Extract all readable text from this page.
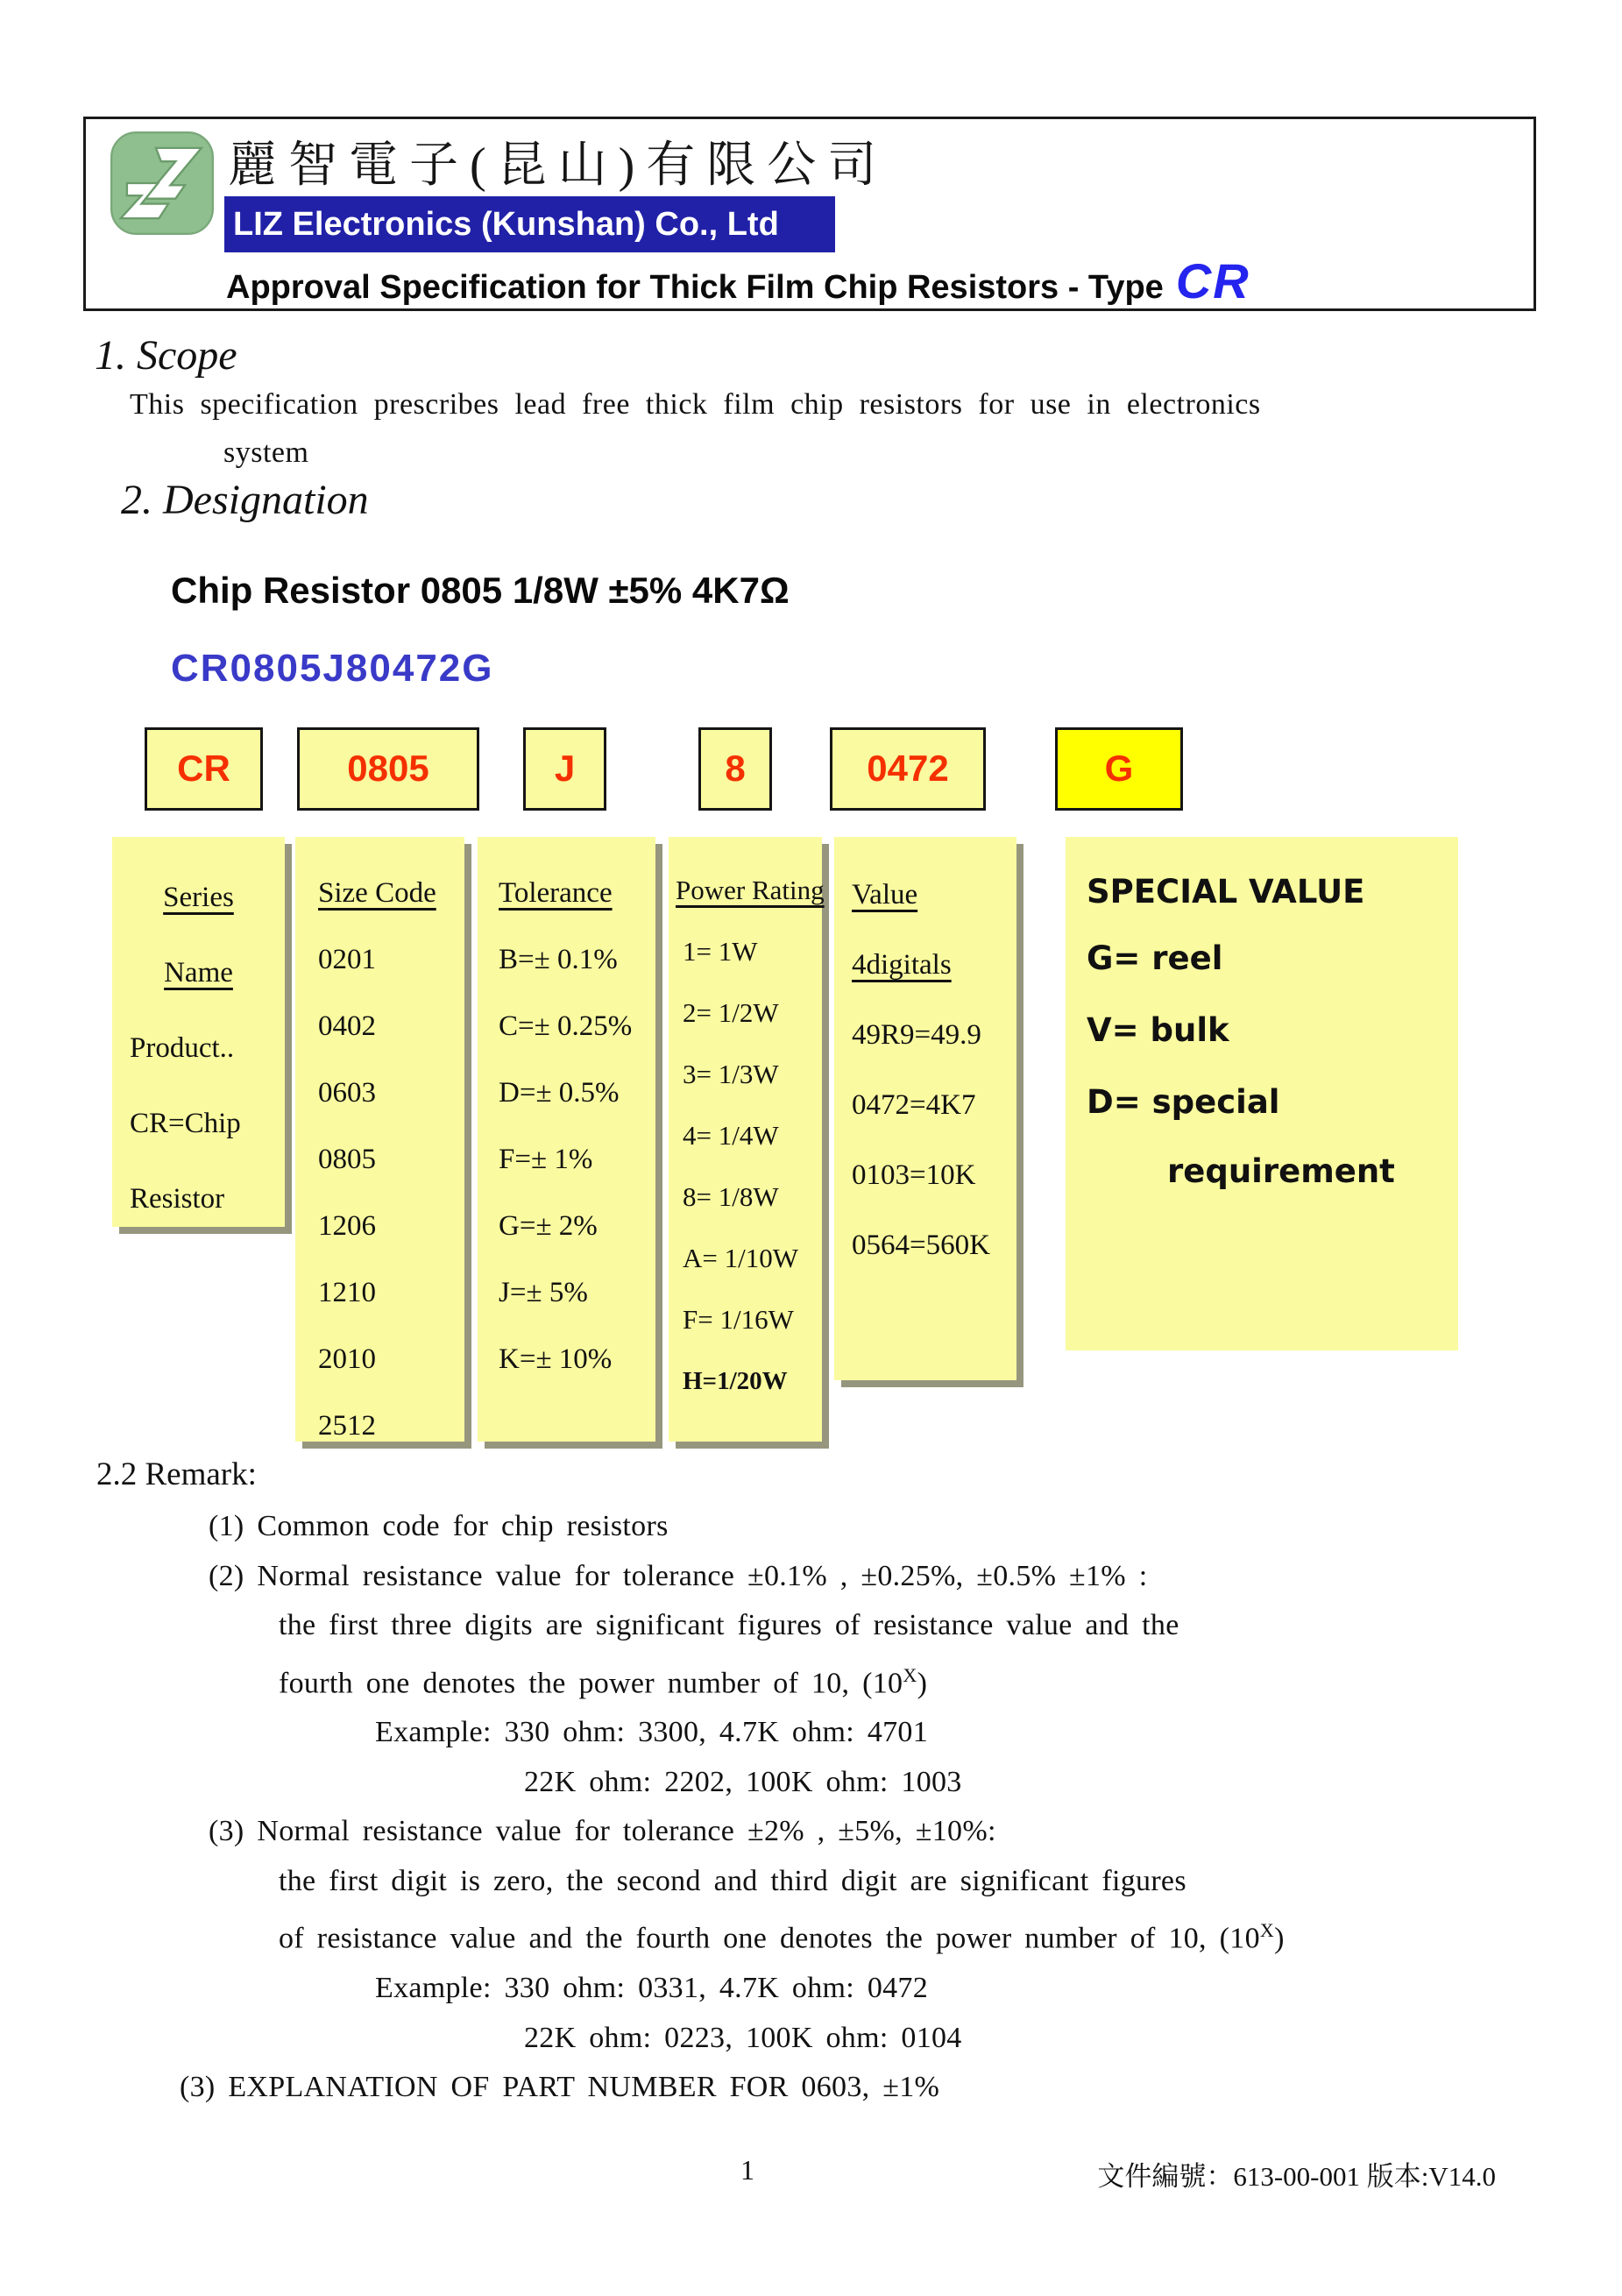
麗智電子(昆山)有限公司
LIZ Electronics (Kunshan) Co., Ltd
Approval Specification for Thick Film Chip Resistors - Type CR
1. Scope
This specification prescribes lead free thick film chip resistors for use in electronics
system
2. Designation
Chip Resistor 0805 1/8W ±5% 4K7Ω
CR0805J80472G
CR	0805	J	8	0472	G
Series
Name
Product..
CR=Chip
Resistor
Size Code
0201
0402
0603
0805
1206
1210
2010
2512
Tolerance
B=± 0.1%
C=± 0.25%
D=± 0.5%
F=± 1%
G=± 2%
J=± 5%
K=± 10%
Power Rating
1= 1W
2= 1/2W
3= 1/3W
4= 1/4W
8= 1/8W
A= 1/10W
F= 1/16W
H=1/20W
Value
4digitals
49R9=49.9
0472=4K7
0103=10K
0564=560K
SPECIAL VALUE
G= reel
V= bulk
D= special
requirement
2.2 Remark:
(1) Common code for chip resistors
(2) Normal resistance value for tolerance ±0.1% , ±0.25%, ±0.5% ±1% :
the first three digits are significant figures of resistance value and the
fourth one denotes the power number of 10, $(10^X)$
Example: 330 ohm: 3300, 4.7K ohm: 4701
22K ohm: 2202, 100K ohm: 1003
(3) Normal resistance value for tolerance ±2% , ±5%, ±10%:
the first digit is zero, the second and third digit are significant figures
of resistance value and the fourth one denotes the power number of 10, $(10^X)$
Example: 330 ohm: 0331, 4.7K ohm: 0472
22K ohm: 0223, 100K ohm: 0104
(3) EXPLANATION OF PART NUMBER FOR 0603, ±1%
1	文件編號：613-00-001 版本:V14.0
